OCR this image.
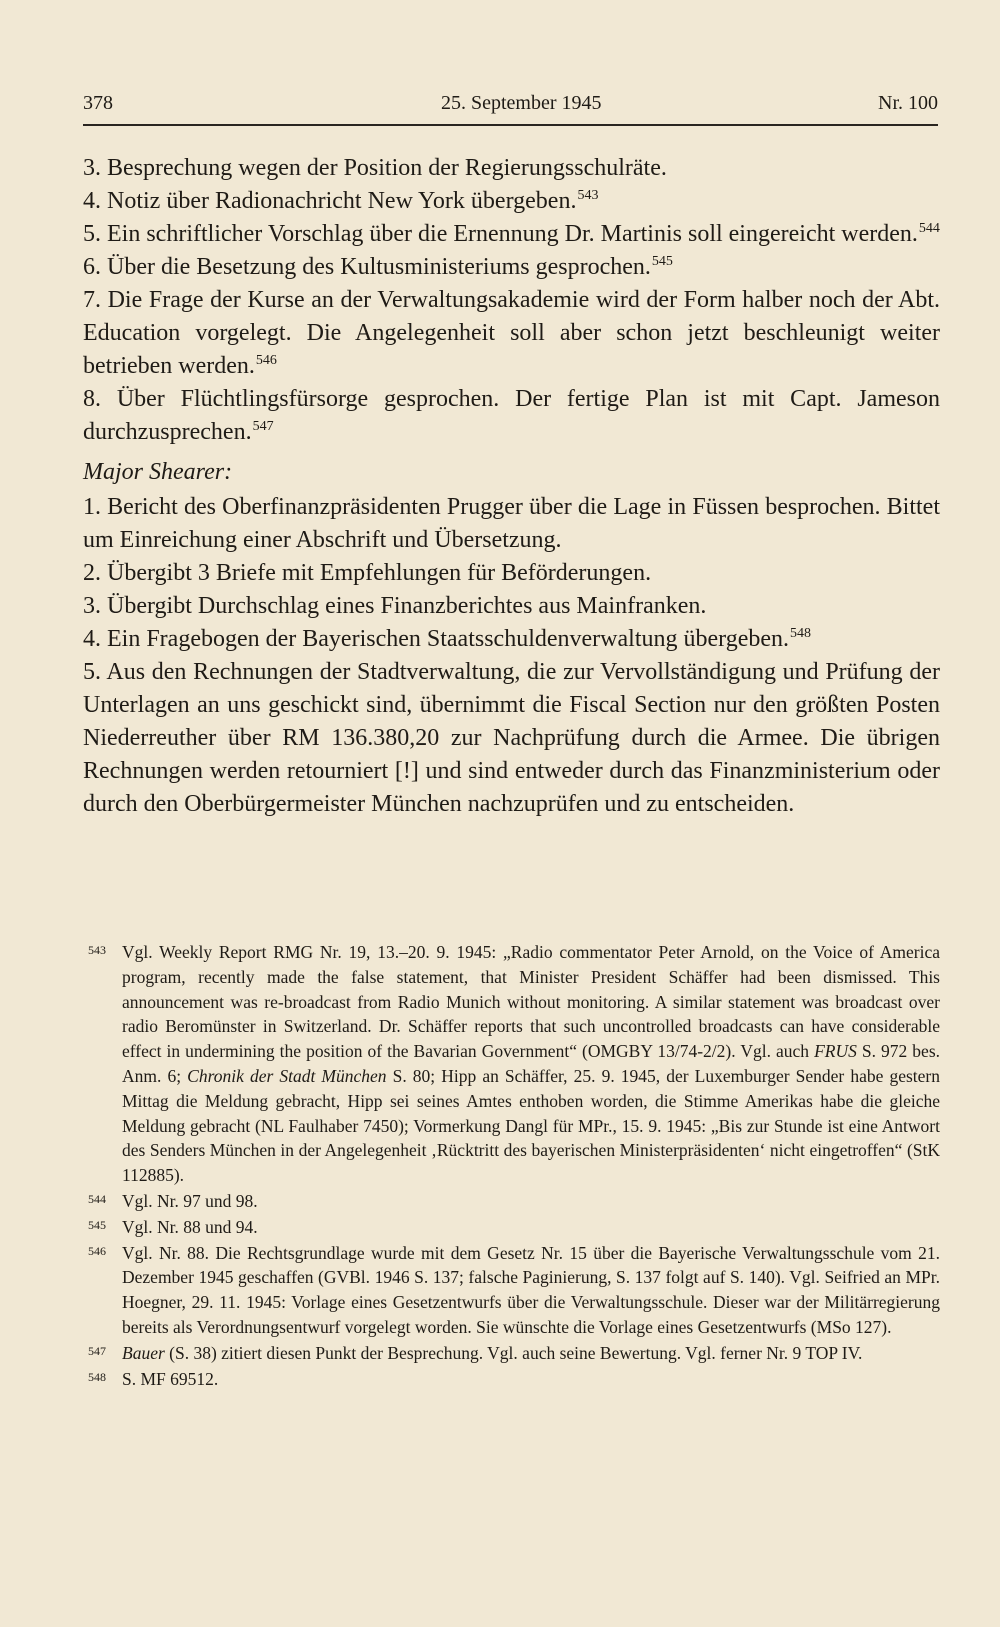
378	25. September 1945	Nr. 100

3. Besprechung wegen der Position der Regierungsschulräte.

4. Notiz über Radionachricht New York übergeben.$^{543}$

5. Ein schriftlicher Vorschlag über die Ernennung Dr. Martinis soll eingereicht werden.$^{544}$

6. Über die Besetzung des Kultusministeriums gesprochen.$^{545}$

7. Die Frage der Kurse an der Verwaltungsakademie wird der Form halber noch der Abt. Education vorgelegt. Die Angelegenheit soll aber schon jetzt beschleunigt weiter betrieben werden.$^{546}$

8. Über Flüchtlingsfürsorge gesprochen. Der fertige Plan ist mit Capt. Jameson durchzusprechen.$^{547}$

Major Shearer:

1. Bericht des Oberfinanzpräsidenten Prugger über die Lage in Füssen besprochen. Bittet um Einreichung einer Abschrift und Übersetzung.

2. Übergibt 3 Briefe mit Empfehlungen für Beförderungen.

3. Übergibt Durchschlag eines Finanzberichtes aus Mainfranken.

4. Ein Fragebogen der Bayerischen Staatsschuldenverwaltung übergeben.$^{548}$

5. Aus den Rechnungen der Stadtverwaltung, die zur Vervollständigung und Prüfung der Unterlagen an uns geschickt sind, übernimmt die Fiscal Section nur den größten Posten Niederreuther über RM 136.380,20 zur Nachprüfung durch die Armee. Die übrigen Rechnungen werden retourniert [!] und sind entweder durch das Finanzministerium oder durch den Oberbürgermeister München nachzuprüfen und zu entscheiden.

543 Vgl. Weekly Report RMG Nr. 19, 13.–20. 9. 1945: „Radio commentator Peter Arnold, on the Voice of America program, recently made the false statement, that Minister President Schäffer had been dismissed. This announcement was re-broadcast from Radio Munich without monitoring. A similar statement was broadcast over radio Beromünster in Switzerland. Dr. Schäffer reports that such uncontrolled broadcasts can have considerable effect in undermining the position of the Bavarian Government“ (OMGBY 13/74-2/2). Vgl. auch FRUS S. 972 bes. Anm. 6; Chronik der Stadt München S. 80; Hipp an Schäffer, 25. 9. 1945, der Luxemburger Sender habe gestern Mittag die Meldung gebracht, Hipp sei seines Amtes enthoben worden, die Stimme Amerikas habe die gleiche Meldung gebracht (NL Faulhaber 7450); Vormerkung Dangl für MPr., 15. 9. 1945: „Bis zur Stunde ist eine Antwort des Senders München in der Angelegenheit ‚Rücktritt des bayerischen Ministerpräsidenten‘ nicht eingetroffen“ (StK 112885).

544 Vgl. Nr. 97 und 98.

545 Vgl. Nr. 88 und 94.

546 Vgl. Nr. 88. Die Rechtsgrundlage wurde mit dem Gesetz Nr. 15 über die Bayerische Verwaltungsschule vom 21. Dezember 1945 geschaffen (GVBl. 1946 S. 137; falsche Paginierung, S. 137 folgt auf S. 140). Vgl. Seifried an MPr. Hoegner, 29. 11. 1945: Vorlage eines Gesetzentwurfs über die Verwaltungsschule. Dieser war der Militärregierung bereits als Verordnungsentwurf vorgelegt worden. Sie wünschte die Vorlage eines Gesetzentwurfs (MSo 127).

547 Bauer (S. 38) zitiert diesen Punkt der Besprechung. Vgl. auch seine Bewertung. Vgl. ferner Nr. 9 TOP IV.

548 S. MF 69512.
